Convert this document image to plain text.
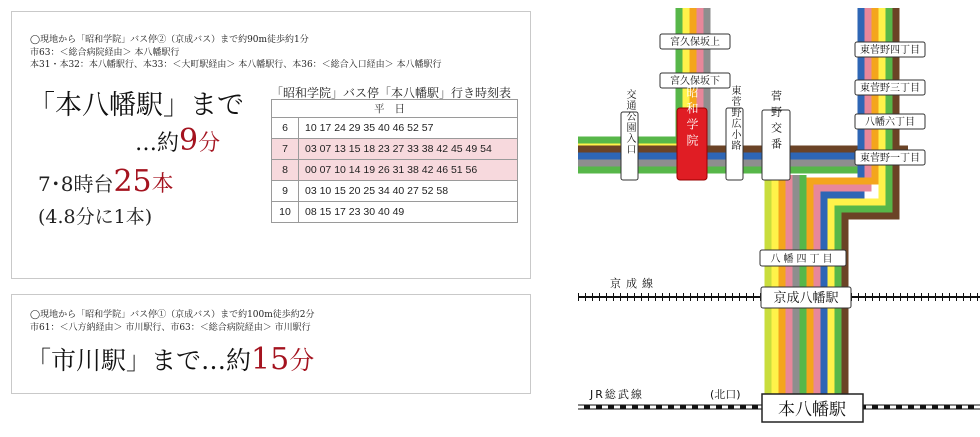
◯現地から「昭和学院」バス停②（京成バス）まで約90m徒歩約1分
市63：＜総合病院経由＞ 本八幡駅行
本31・本32：本八幡駅行、本33：＜大町駅経由＞ 本八幡駅行、本36：＜総合入口経由＞ 本八幡駅行
「本八幡駅」まで
…約9分
7･8時台25本
(4.8分に1本)
「昭和学院」バス停「本八幡駅」行き時刻表
平日	
6	10 17 24 29 35 40 46 52 57
7	03 07 13 15 18 23 27 33 38 42 45 49 54
8	00 07 10 14 19 26 31 38 42 46 51 56
9	03 10 15 20 25 34 40 27 52 58
10	08 15 17 23 30 40 49
◯現地から「昭和学院」バス停①（京成バス）まで約100m徒歩約2分
市61：＜八方納経由＞ 市川駅行、市63：＜総合病院経由＞ 市川駅行
「市川駅」まで…約15分
宮久保坂上
宮久保坂下
交通公園入口	昭和学院	東菅野広小路	菅野交番
東菅野四丁目
東菅野三丁目
八幡六丁目
東菅野一丁目
八幡四丁目
京成線
京成八幡駅
JR総武線	(北口)
本八幡駅
